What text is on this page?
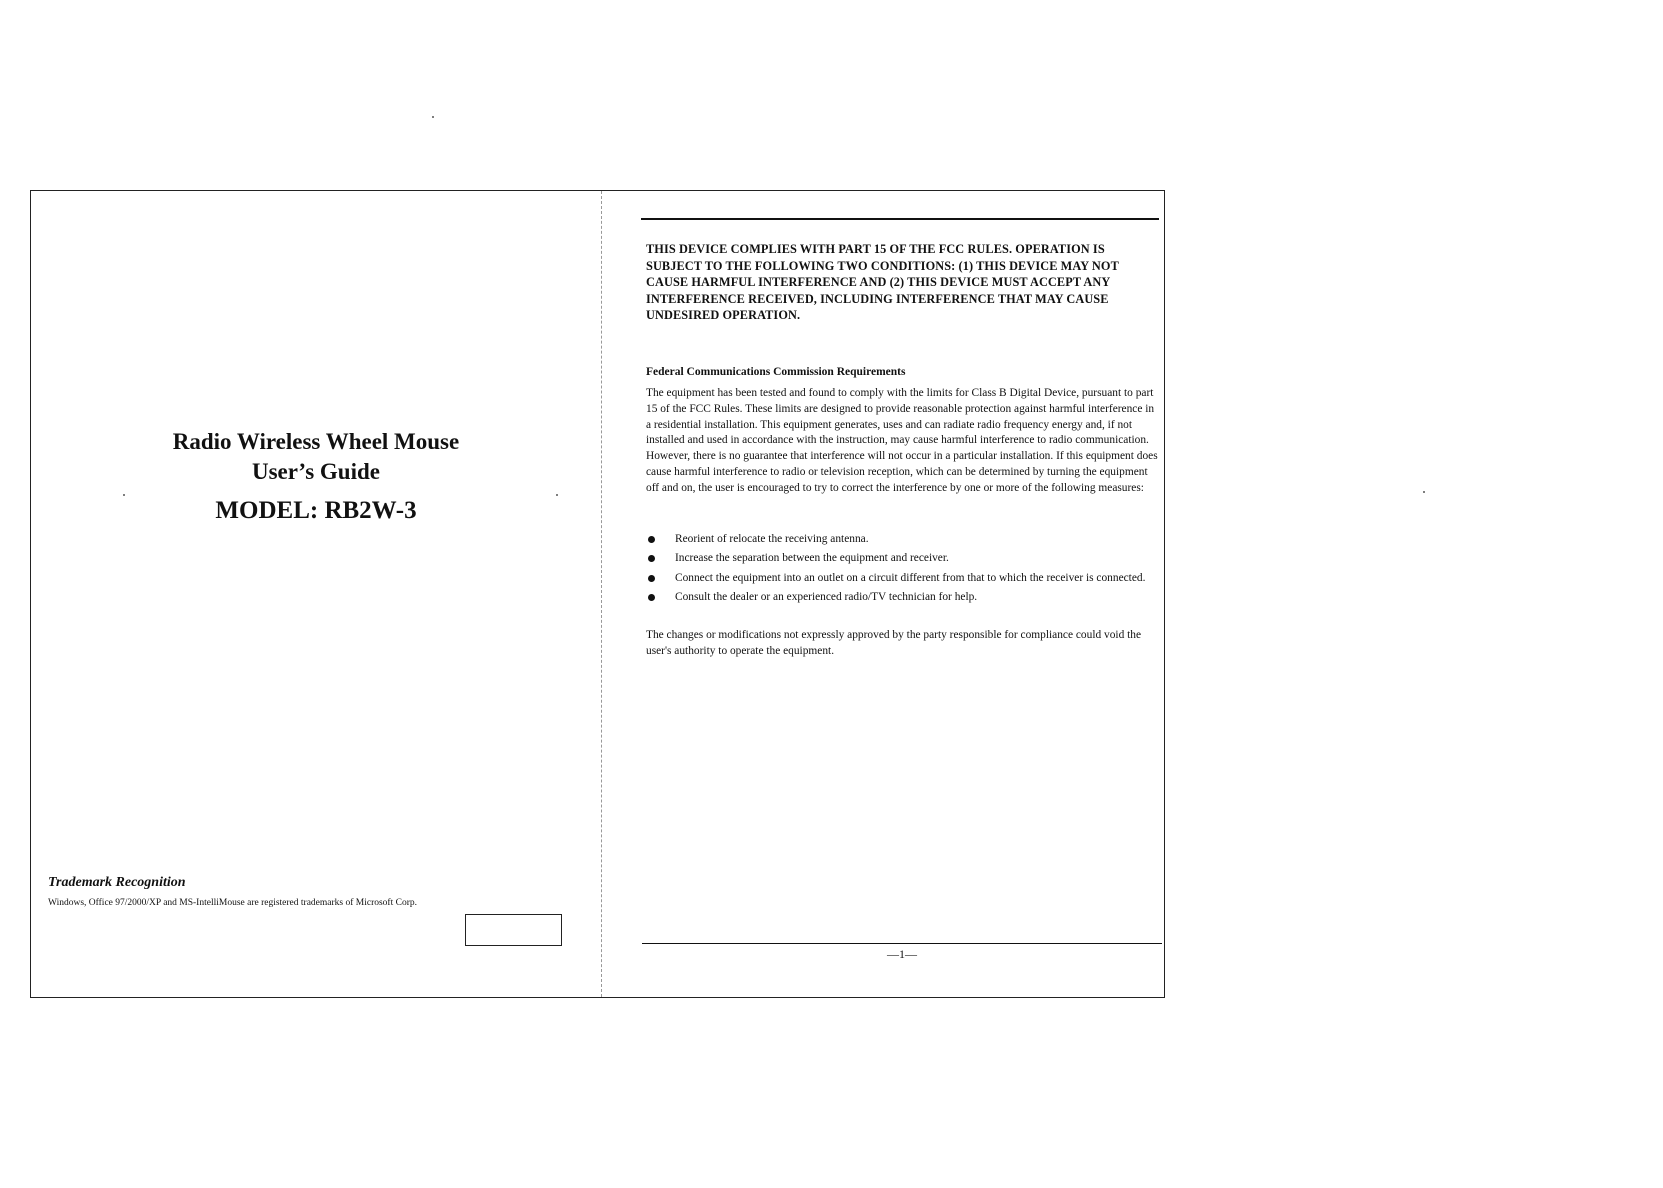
Radio Wireless Wheel Mouse
User’s Guide
MODEL: RB2W-3
Trademark Recognition
Windows, Office 97/2000/XP and MS-IntelliMouse are registered trademarks of Microsoft Corp.
THIS DEVICE COMPLIES WITH PART 15 OF THE FCC RULES. OPERATION IS SUBJECT TO THE FOLLOWING TWO CONDITIONS: (1) THIS DEVICE MAY NOT CAUSE HARMFUL INTERFERENCE AND (2) THIS DEVICE MUST ACCEPT ANY INTERFERENCE RECEIVED, INCLUDING INTERFERENCE THAT MAY CAUSE UNDESIRED OPERATION.
Federal Communications Commission Requirements
The equipment has been tested and found to comply with the limits for Class B Digital Device, pursuant to part 15 of the FCC Rules. These limits are designed to provide reasonable protection against harmful interference in a residential installation. This equipment generates, uses and can radiate radio frequency energy and, if not installed and used in accordance with the instruction, may cause harmful interference to radio communication. However, there is no guarantee that interference will not occur in a particular installation. If this equipment does cause harmful interference to radio or television reception, which can be determined by turning the equipment off and on, the user is encouraged to try to correct the interference by one or more of the following measures:
Reorient of relocate the receiving antenna.
Increase the separation between the equipment and receiver.
Connect the equipment into an outlet on a circuit different from that to which the receiver is connected.
Consult the dealer or an experienced radio/TV technician for help.
The changes or modifications not expressly approved by the party responsible for compliance could void the user's authority to operate the equipment.
—1—
